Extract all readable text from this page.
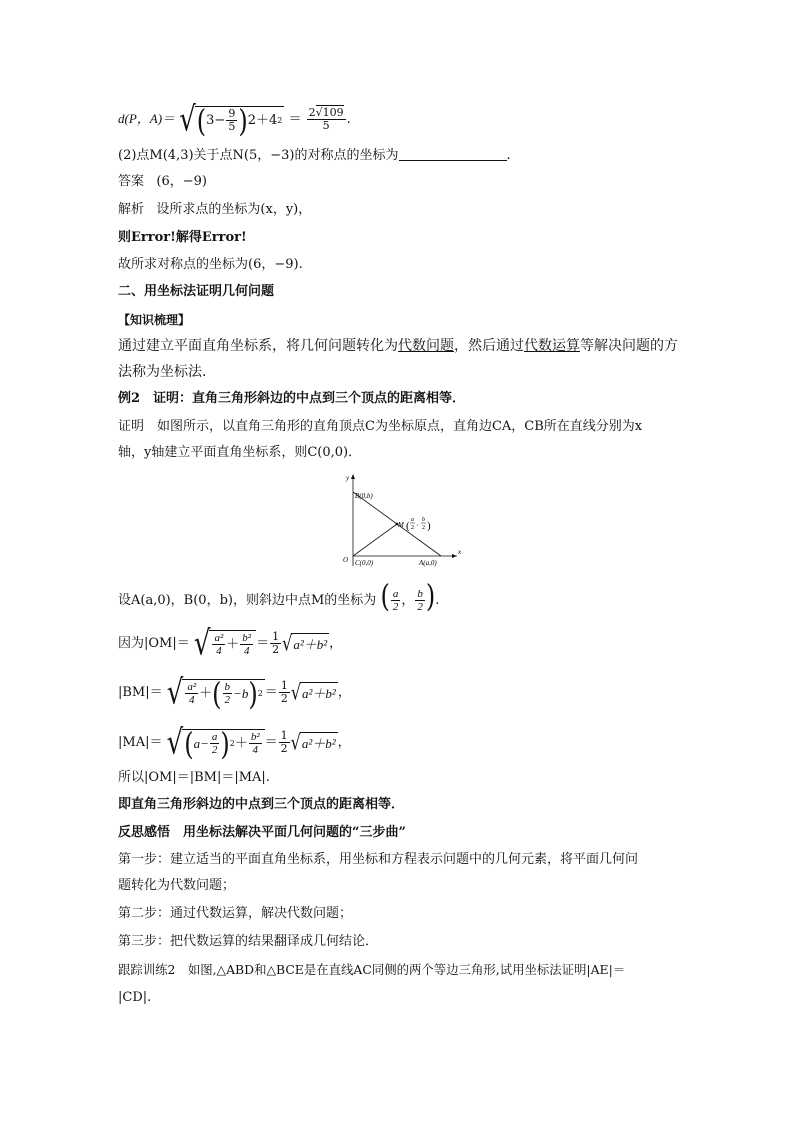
d(P，A)＝ √ ( $3- \frac{9}{5}$ ) 2＋4 $2 = \frac{2√109}{5}$ .
(2)点M(4,3)关于点N(5，−3)的对称点的坐标为	.
答案 (6，−9)
解析 设所求点的坐标为(x，y)，
则Error!解得Error!
故所求对称点的坐标为(6，−9).
二、用坐标法证明几何问题
【知识梳理】
通过建立平面直角坐标系，将几何问题转化为代数问题，然后通过代数运算等解决问题的方
法称为坐标法．
例2　证明：直角三角形斜边的中点到三个顶点的距离相等．
证明　如图所示，以直角三角形的直角顶点C为坐标原点，直角边CA，CB所在直线分别为x
轴，y轴建立平面直角坐标系，则C(0,0)．
y
x
B(0,b)
M ( a
2
,
b
2 )
O C(0,0)	A(a,0)
设A(a,0)，B(0，b)，则斜边中点M的坐标为 ( $\frac{a}{2}$ ， $\frac{b}{2}$ ).
因为|OM|＝ √ $\frac{\text{a²}}{4} + \frac{\text{b²}}{4} = \frac{1}{2}$ √ a²＋b² ，
|BM|＝ √ $\frac{\text{a²}}{4}$ ＋ ( $\frac{b}{2} -b$ ) $2 = \frac{1}{2}$ √ a²＋b² ，
|MA|＝ √ ( $a- \frac{a}{2}$ ) $2 + \frac{\text{b²}}{4} = \frac{1}{2}$ √ a²＋b² ，
所以|OM|＝|BM|＝|MA|.
即直角三角形斜边的中点到三个顶点的距离相等．
反思感悟　用坐标法解决平面几何问题的“三步曲”
第一步：建立适当的平面直角坐标系，用坐标和方程表示问题中的几何元素，将平面几何问
题转化为代数问题；
第二步：通过代数运算，解决代数问题；
第三步：把代数运算的结果翻译成几何结论．
跟踪训练2　如图,△ABD和△BCE是在直线AC同侧的两个等边三角形,试用坐标法证明|AE|＝
|CD|.
